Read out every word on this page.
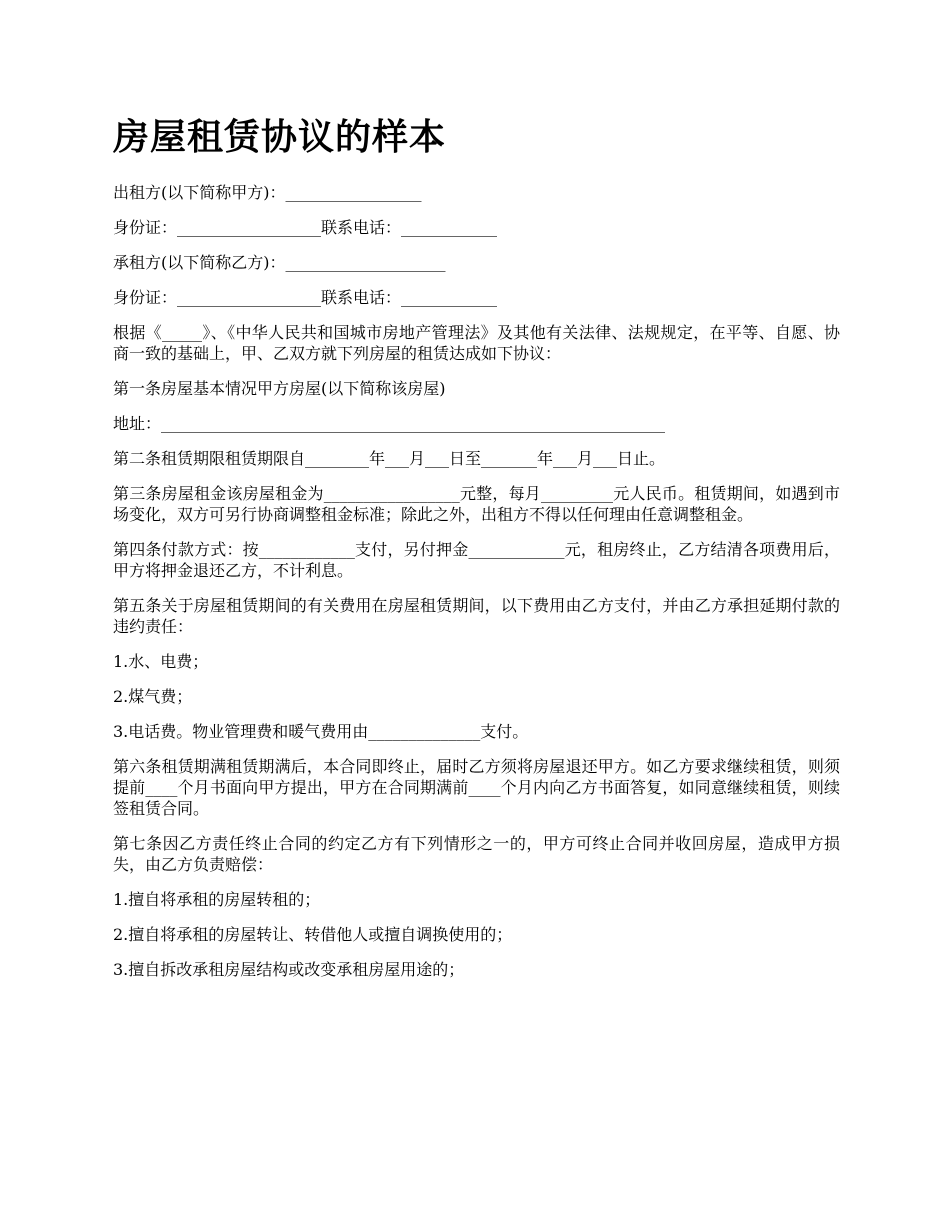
房屋租赁协议的样本

出租方(以下简称甲方)：_________________

身份证：__________________联系电话：____________

承租方(以下简称乙方)：____________________

身份证：__________________联系电话：____________

根据《_____》、《中华人民共和国城市房地产管理法》及其他有关法律、法规规定，在平等、自愿、协商一致的基础上，甲、乙双方就下列房屋的租赁达成如下协议：

第一条房屋基本情况甲方房屋(以下简称该房屋)

地址：_______________________________________________________________

第二条租赁期限租赁期限自________年___月___日至_______年___月___日止。

第三条房屋租金该房屋租金为_________________元整，每月_________元人民币。租赁期间，如遇到市场变化，双方可另行协商调整租金标准；除此之外，出租方不得以任何理由任意调整租金。

第四条付款方式：按____________支付，另付押金____________元，租房终止，乙方结清各项费用后，甲方将押金退还乙方，不计利息。

第五条关于房屋租赁期间的有关费用在房屋租赁期间，以下费用由乙方支付，并由乙方承担延期付款的违约责任：

1.水、电费；

2.煤气费；

3.电话费。物业管理费和暖气费用由______________支付。

第六条租赁期满租赁期满后，本合同即终止，届时乙方须将房屋退还甲方。如乙方要求继续租赁，则须提前____个月书面向甲方提出，甲方在合同期满前____个月内向乙方书面答复，如同意继续租赁，则续签租赁合同。

第七条因乙方责任终止合同的约定乙方有下列情形之一的，甲方可终止合同并收回房屋，造成甲方损失，由乙方负责赔偿：

1.擅自将承租的房屋转租的；

2.擅自将承租的房屋转让、转借他人或擅自调换使用的；

3.擅自拆改承租房屋结构或改变承租房屋用途的；
